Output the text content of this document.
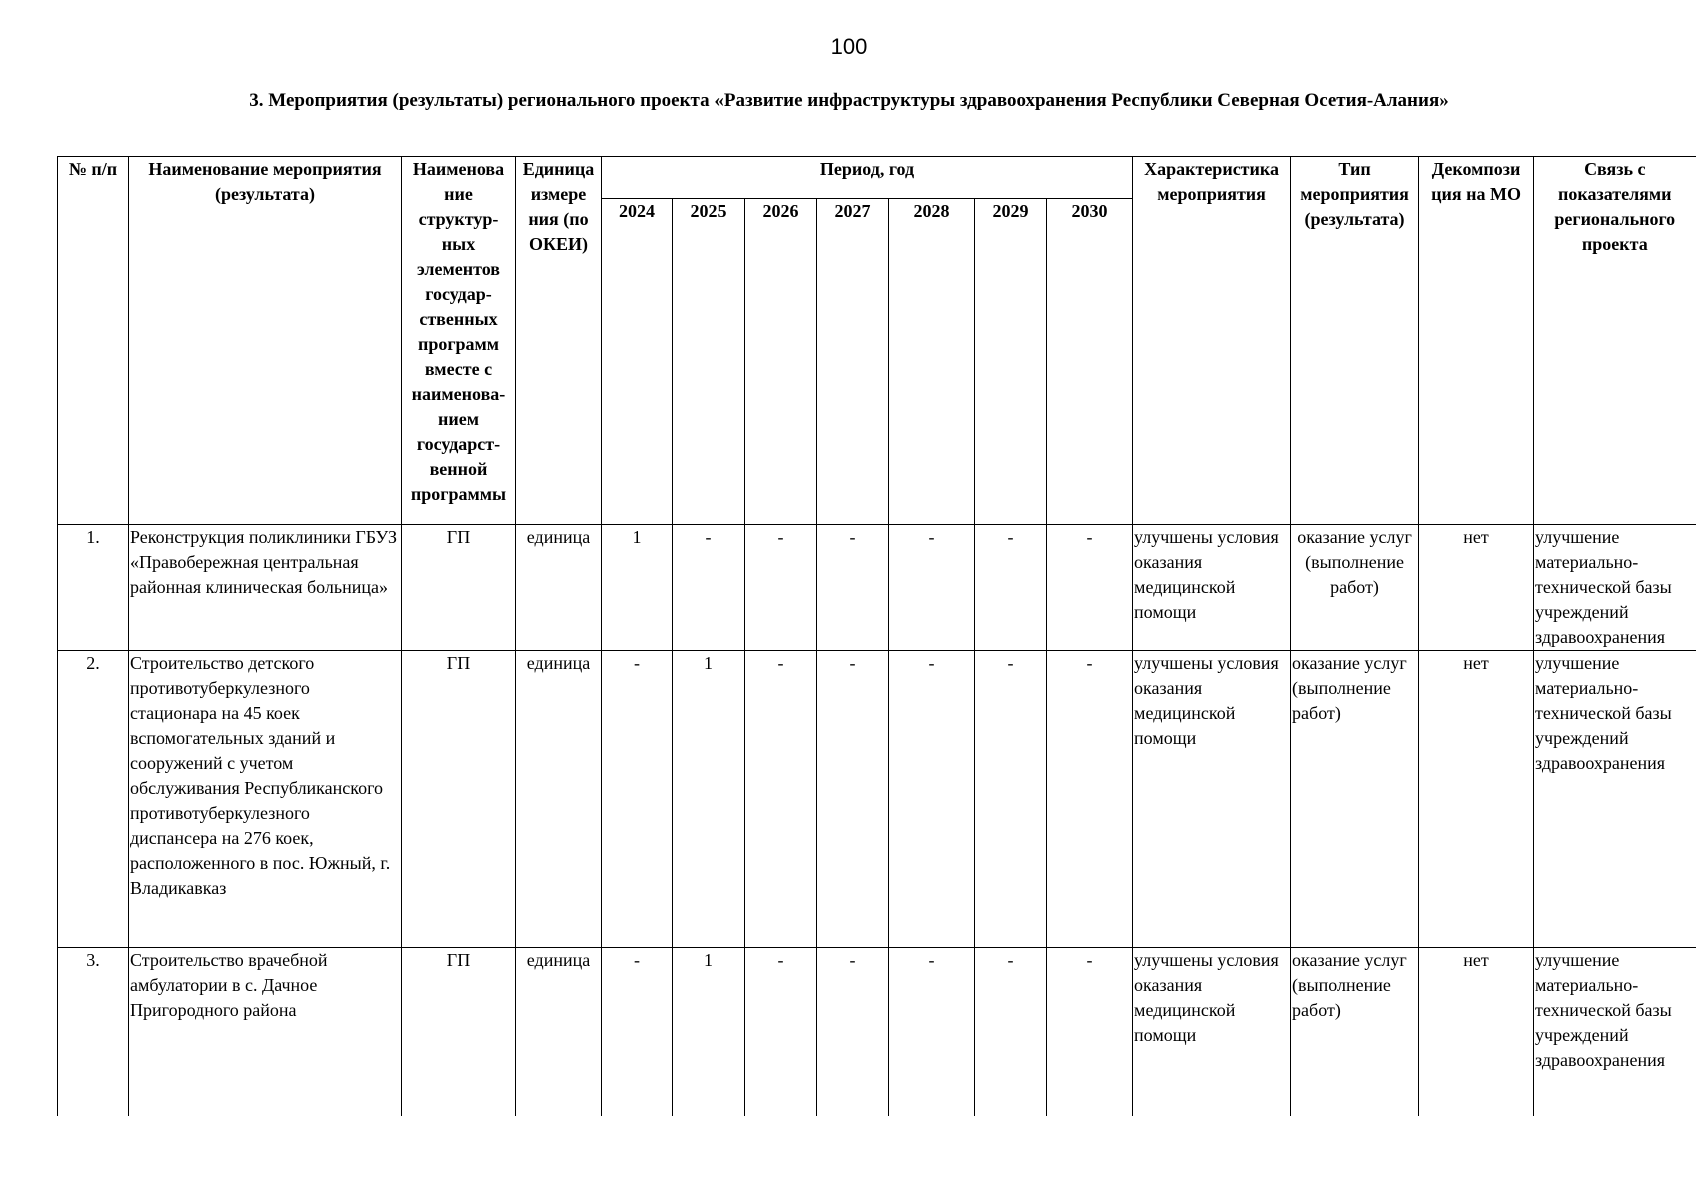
100
3. Мероприятия (результаты) регионального проекта «Развитие инфраструктуры здравоохранения Республики Северная Осетия-Алания»
№ п/п	Наименование мероприятия (результата)	Наименова ние структур- ных элементов государ- ственных программ вместе с наименова- нием государст- венной программы	Единица измере ния (по ОКЕИ)	Период, год							Характеристика мероприятия	Тип мероприятия (результата)	Декомпози ция на МО	Связь с показателями регионального проекта
				2024	2025	2026	2027	2028	2029	2030				
1.	Реконструкция поликлиники ГБУЗ «Правобережная центральная районная клиническая больница»	ГП	единица	1	-	-	-	-	-	-	улучшены условия оказания медицинской помощи	оказание услуг (выполнение работ)	нет	улучшение материально-технической базы учреждений здравоохранения
2.	Строительство детского противотуберкулезного стационара на 45 коек вспомогательных зданий и сооружений с учетом обслуживания Республиканского противотуберкулезного диспансера на 276 коек, расположенного в пос. Южный, г. Владикавказ	ГП	единица	-	1	-	-	-	-	-	улучшены условия оказания медицинской помощи	оказание услуг (выполнение работ)	нет	улучшение материально-технической базы учреждений здравоохранения
3.	Строительство врачебной амбулатории в с. Дачное Пригородного района	ГП	единица	-	1	-	-	-	-	-	улучшены условия оказания медицинской помощи	оказание услуг (выполнение работ)	нет	улучшение материально-технической базы учреждений здравоохранения
